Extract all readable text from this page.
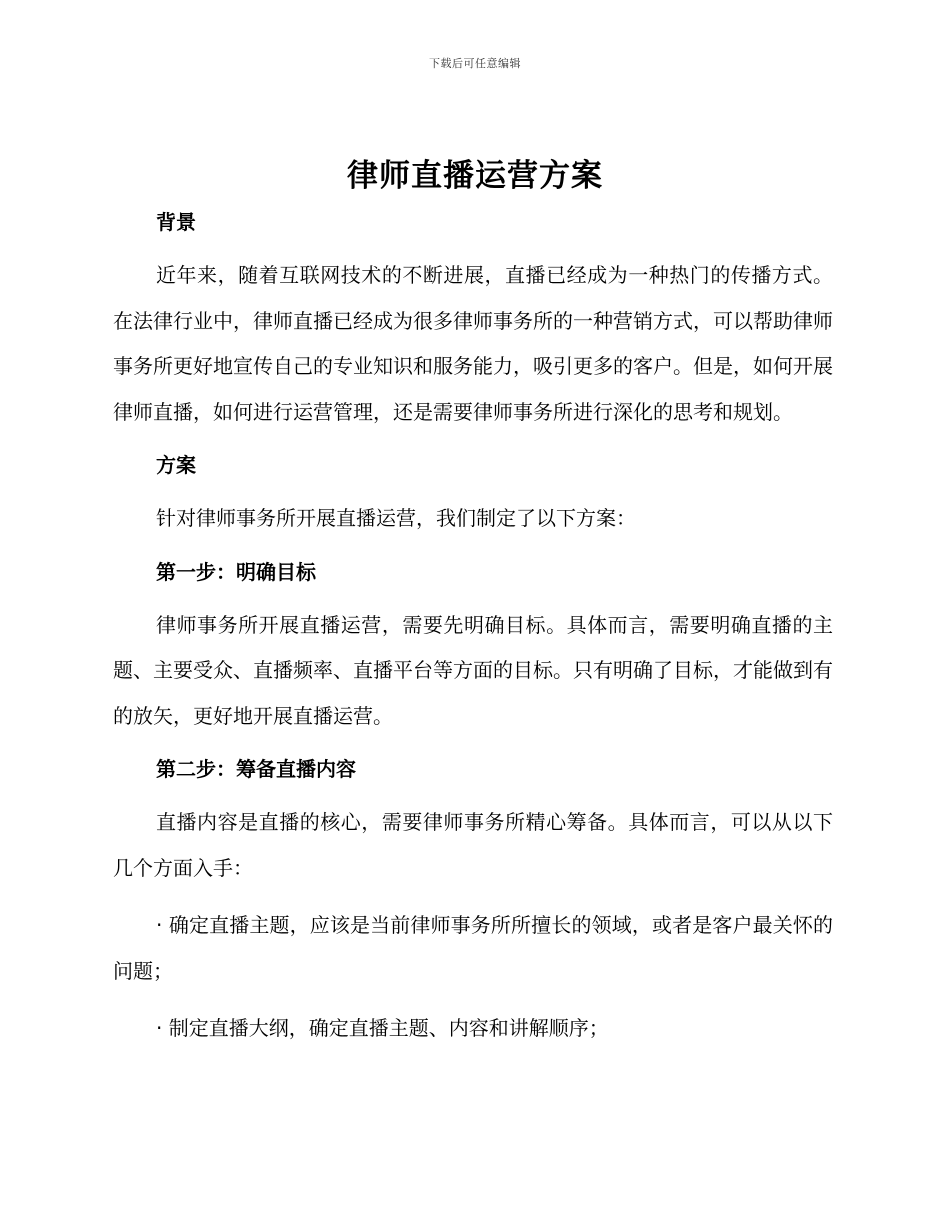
下载后可任意编辑
律师直播运营方案

背景

近年来，随着互联网技术的不断进展，直播已经成为一种热门的传播方式。在法律行业中，律师直播已经成为很多律师事务所的一种营销方式，可以帮助律师事务所更好地宣传自己的专业知识和服务能力，吸引更多的客户。但是，如何开展律师直播，如何进行运营管理，还是需要律师事务所进行深化的思考和规划。

方案

针对律师事务所开展直播运营，我们制定了以下方案：

第一步：明确目标

律师事务所开展直播运营，需要先明确目标。具体而言，需要明确直播的主题、主要受众、直播频率、直播平台等方面的目标。只有明确了目标，才能做到有的放矢，更好地开展直播运营。

第二步：筹备直播内容

直播内容是直播的核心，需要律师事务所精心筹备。具体而言，可以从以下几个方面入手：

· 确定直播主题，应该是当前律师事务所所擅长的领域，或者是客户最关怀的问题；

· 制定直播大纲，确定直播主题、内容和讲解顺序；
